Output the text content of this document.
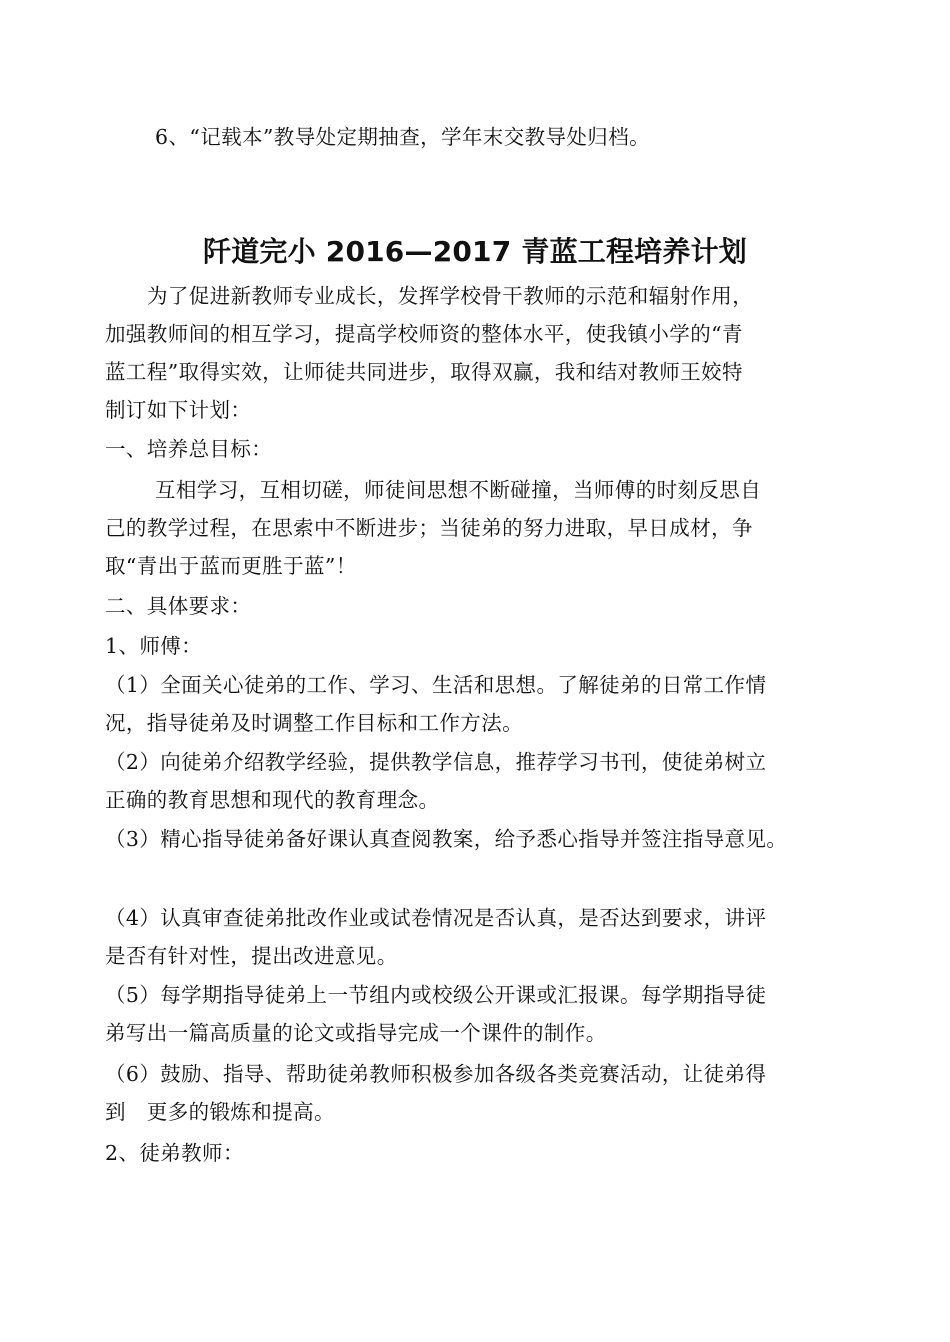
6、“记载本”教导处定期抽查，学年末交教导处归档。
阡道完小 2016—2017 青蓝工程培养计划
为了促进新教师专业成长，发挥学校骨干教师的示范和辐射作用，
加强教师间的相互学习，提高学校师资的整体水平，使我镇小学的“青
蓝工程”取得实效，让师徒共同进步，取得双赢，我和结对教师王姣特
制订如下计划：
一、培养总目标：
互相学习，互相切磋，师徒间思想不断碰撞，当师傅的时刻反思自
己的教学过程，在思索中不断进步；当徒弟的努力进取，早日成材，争
取“青出于蓝而更胜于蓝”！
二、具体要求：
1、师傅：
（1）全面关心徒弟的工作、学习、生活和思想。了解徒弟的日常工作情
况，指导徒弟及时调整工作目标和工作方法。
（2）向徒弟介绍教学经验，提供教学信息，推荐学习书刊，使徒弟树立
正确的教育思想和现代的教育理念。
（3）精心指导徒弟备好课认真查阅教案，给予悉心指导并签注指导意见。
（4）认真审查徒弟批改作业或试卷情况是否认真，是否达到要求，讲评
是否有针对性，提出改进意见。
（5）每学期指导徒弟上一节组内或校级公开课或汇报课。每学期指导徒
弟写出一篇高质量的论文或指导完成一个课件的制作。
（6）鼓励、指导、帮助徒弟教师积极参加各级各类竞赛活动，让徒弟得
到　更多的锻炼和提高。
2、徒弟教师：
